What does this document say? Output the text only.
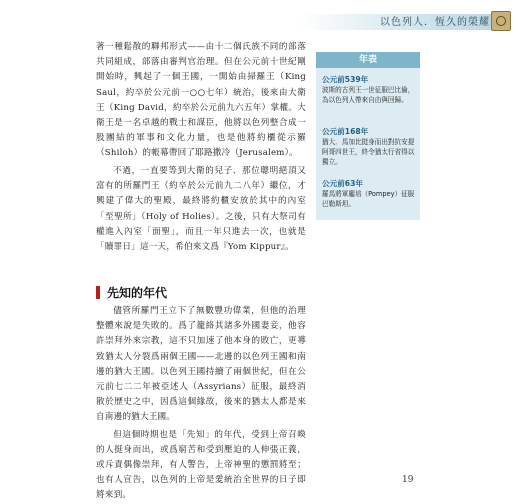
以色列人．恆久的榮耀

著一種鬆散的聯邦形式——由十二個氏族不同的部落共同組成，部落由審判官治理。但在公元前十世紀剛開始時，興起了一個王國，一開始由掃羅王（King Saul，約卒於公元前一○○七年）統治，後來由大衛王（King David，約卒於公元前九六五年）掌權。大衛王是一名卓越的戰士和謀臣，他將以色列整合成一股團結的軍事和文化力量，也是他將約櫃從示羅（Shiloh）的帳幕帶回了耶路撒冷（Jerusalem）。

不過，一直要等到大衛的兒子、那位聰明絕頂又富有的所羅門王（約卒於公元前九二八年）繼位，才興建了偉大的聖殿，最終將約櫃安放於其中的內室「至聖所」（Holy of Holies）。之後，只有大祭司有權進入內室「面聖」，而且一年只進去一次，也就是「贖罪日」這一天，希伯來文爲『Yom Kippur』。

先知的年代

儘管所羅門王立下了無數豐功偉業，但他的治理整體來說是失敗的。爲了籠絡其諸多外國妻妾，他容許崇拜外來宗教，這不只加速了他本身的敗亡，更導致猶太人分裂爲兩個王國——北邊的以色列王國和南邊的猶大王國。以色列王國持續了兩個世紀，但在公元前七二二年被亞述人（Assyrians）征服，最終消散於歷史之中，因爲這個緣故，後來的猶太人都是來自南邊的猶大王國。

但這個時期也是「先知」的年代，受到上帝召喚的人挺身而出，或爲窮苦和受到壓迫的人伸張正義，或斥責偶像崇拜，有人警告，上帝神聖的懲罰將至；也有人宣告，以色列的上帝是愛統治全世界的日子即將來到。

年表
公元前539年
波斯的古列王一世征服巴比倫，為以色列人帶來自由與回歸。
公元前168年
猶大．馬加比挺身而出對抗安提阿哥四世王，終令猶太行省得以獨立。
公元前63年
羅馬將軍龐培（Pompey）征服巴勒斯坦。
19
